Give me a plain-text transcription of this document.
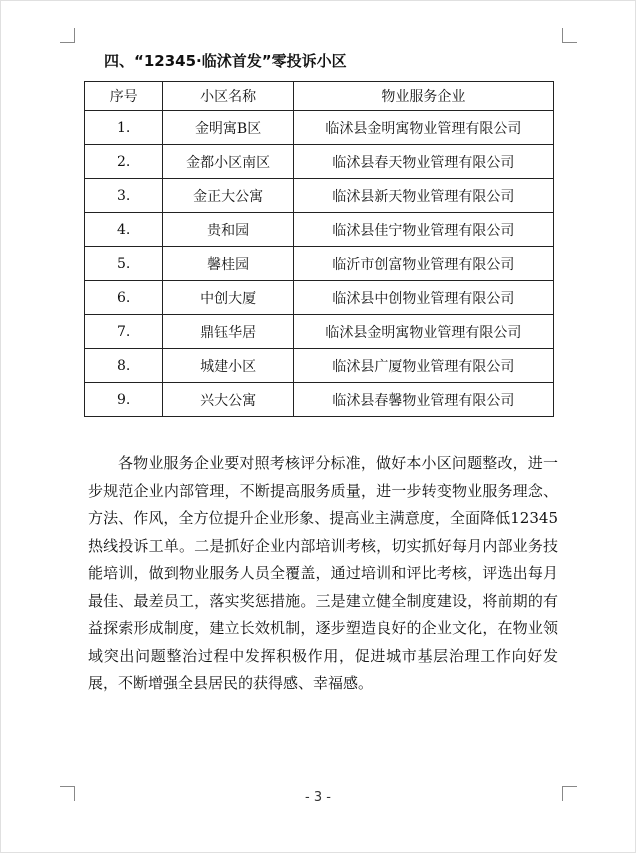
四、“12345·临沭首发”零投诉小区
序号	小区名称	物业服务企业
1.	金明寓B区	临沭县金明寓物业管理有限公司
2.	金都小区南区	临沭县春天物业管理有限公司
3.	金正大公寓	临沭县新天物业管理有限公司
4.	贵和园	临沭县佳宁物业管理有限公司
5.	馨桂园	临沂市创富物业管理有限公司
6.	中创大厦	临沭县中创物业管理有限公司
7.	鼎钰华居	临沭县金明寓物业管理有限公司
8.	城建小区	临沭县广厦物业管理有限公司
9.	兴大公寓	临沭县春馨物业管理有限公司
各物业服务企业要对照考核评分标准，做好本小区问题整改，进一步规范企业内部管理，不断提高服务质量，进一步转变物业服务理念、方法、作风，全方位提升企业形象、提高业主满意度，全面降低12345热线投诉工单。二是抓好企业内部培训考核，切实抓好每月内部业务技能培训，做到物业服务人员全覆盖，通过培训和评比考核，评选出每月最佳、最差员工，落实奖惩措施。三是建立健全制度建设，将前期的有益探索形成制度，建立长效机制，逐步塑造良好的企业文化，在物业领域突出问题整治过程中发挥积极作用，促进城市基层治理工作向好发展，不断增强全县居民的获得感、幸福感。
- 3 -
